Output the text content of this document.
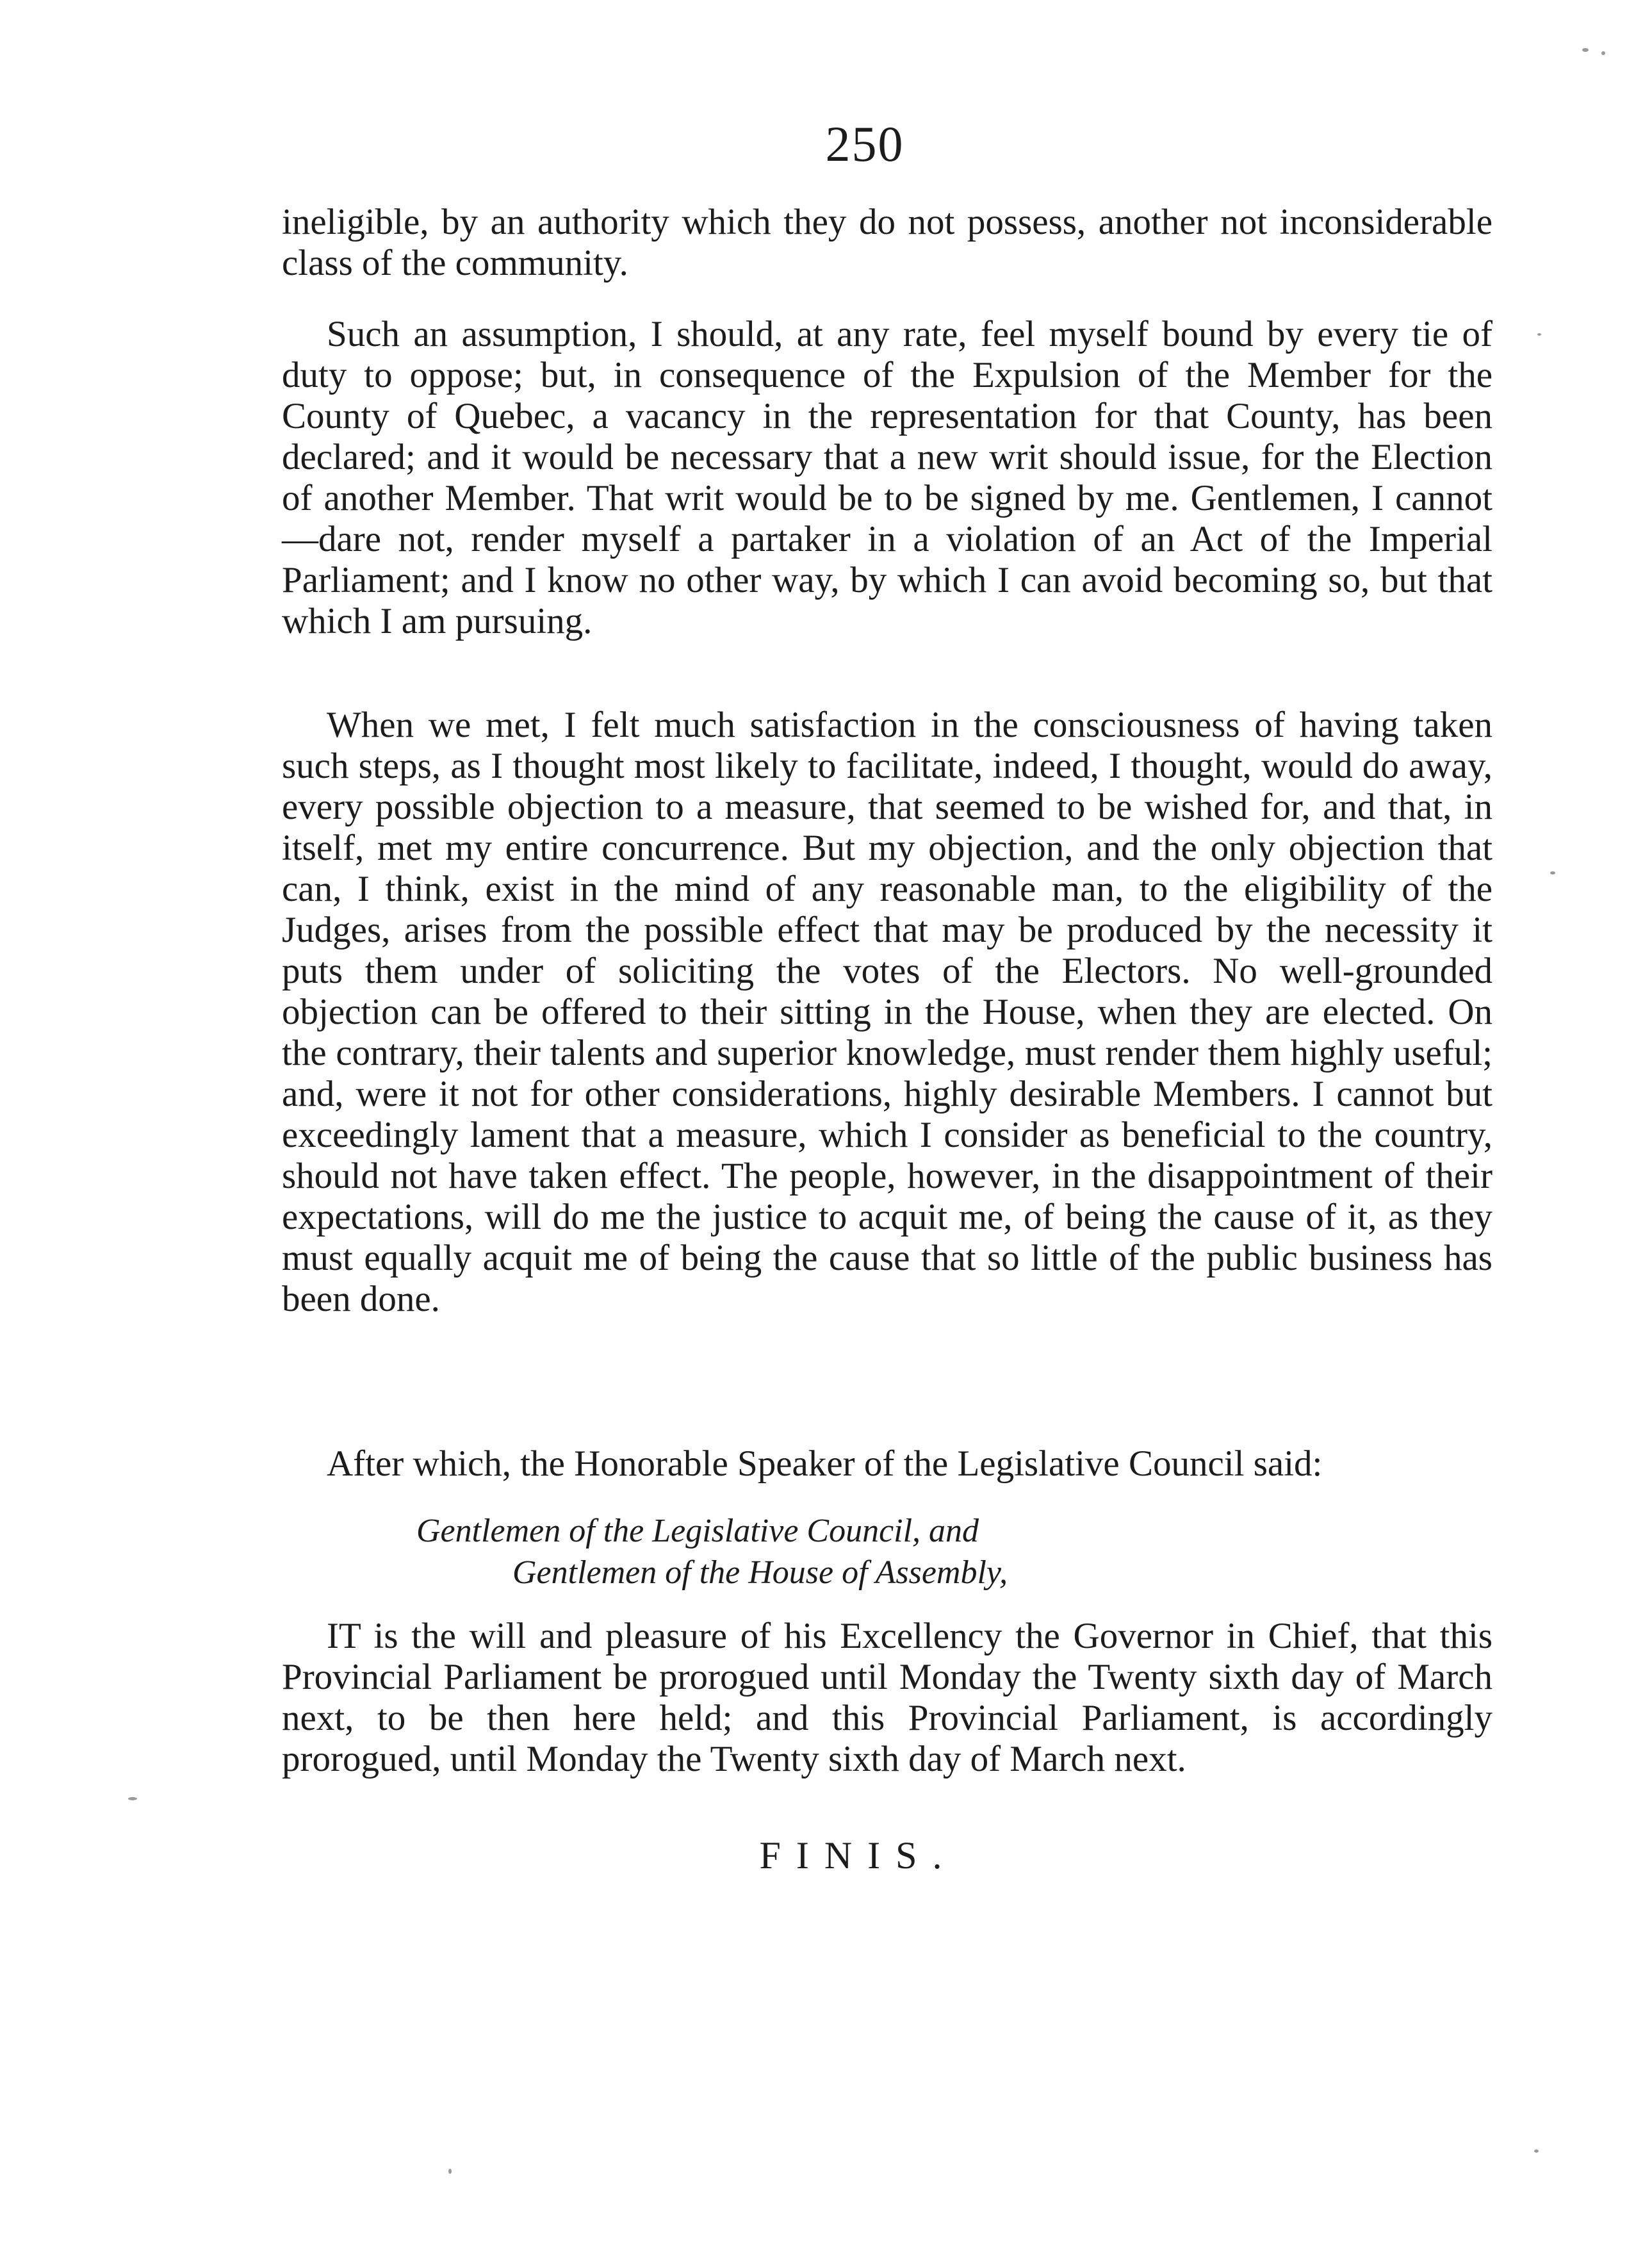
250

ineligible, by an authority which they do not possess, another not inconsiderable class of the community.

Such an assumption, I should, at any rate, feel myself bound by every tie of duty to oppose; but, in consequence of the Expulsion of the Member for the County of Quebec, a vacancy in the representation for that County, has been declared; and it would be necessary that a new writ should issue, for the Election of another Member. That writ would be to be signed by me. Gentlemen, I cannot—dare not, render myself a partaker in a violation of an Act of the Imperial Parliament; and I know no other way, by which I can avoid becoming so, but that which I am pursuing.

When we met, I felt much satisfaction in the consciousness of having taken such steps, as I thought most likely to facilitate, indeed, I thought, would do away, every possible objection to a measure, that seemed to be wished for, and that, in itself, met my entire concurrence. But my objection, and the only objection that can, I think, exist in the mind of any reasonable man, to the eligibility of the Judges, arises from the possible effect that may be produced by the necessity it puts them under of soliciting the votes of the Electors. No well-grounded objection can be offered to their sitting in the House, when they are elected. On the contrary, their talents and superior knowledge, must render them highly useful; and, were it not for other considerations, highly desirable Members. I cannot but exceedingly lament that a measure, which I consider as beneficial to the country, should not have taken effect. The people, however, in the disappointment of their expectations, will do me the justice to acquit me, of being the cause of it, as they must equally acquit me of being the cause that so little of the public business has been done.

After which, the Honorable Speaker of the Legislative Council said:

Gentlemen of the Legislative Council, and
Gentlemen of the House of Assembly,

IT is the will and pleasure of his Excellency the Governor in Chief, that this Provincial Parliament be prorogued until Monday the Twenty sixth day of March next, to be then here held; and this Provincial Parliament, is accordingly prorogued, until Monday the Twenty sixth day of March next.

FINIS.
